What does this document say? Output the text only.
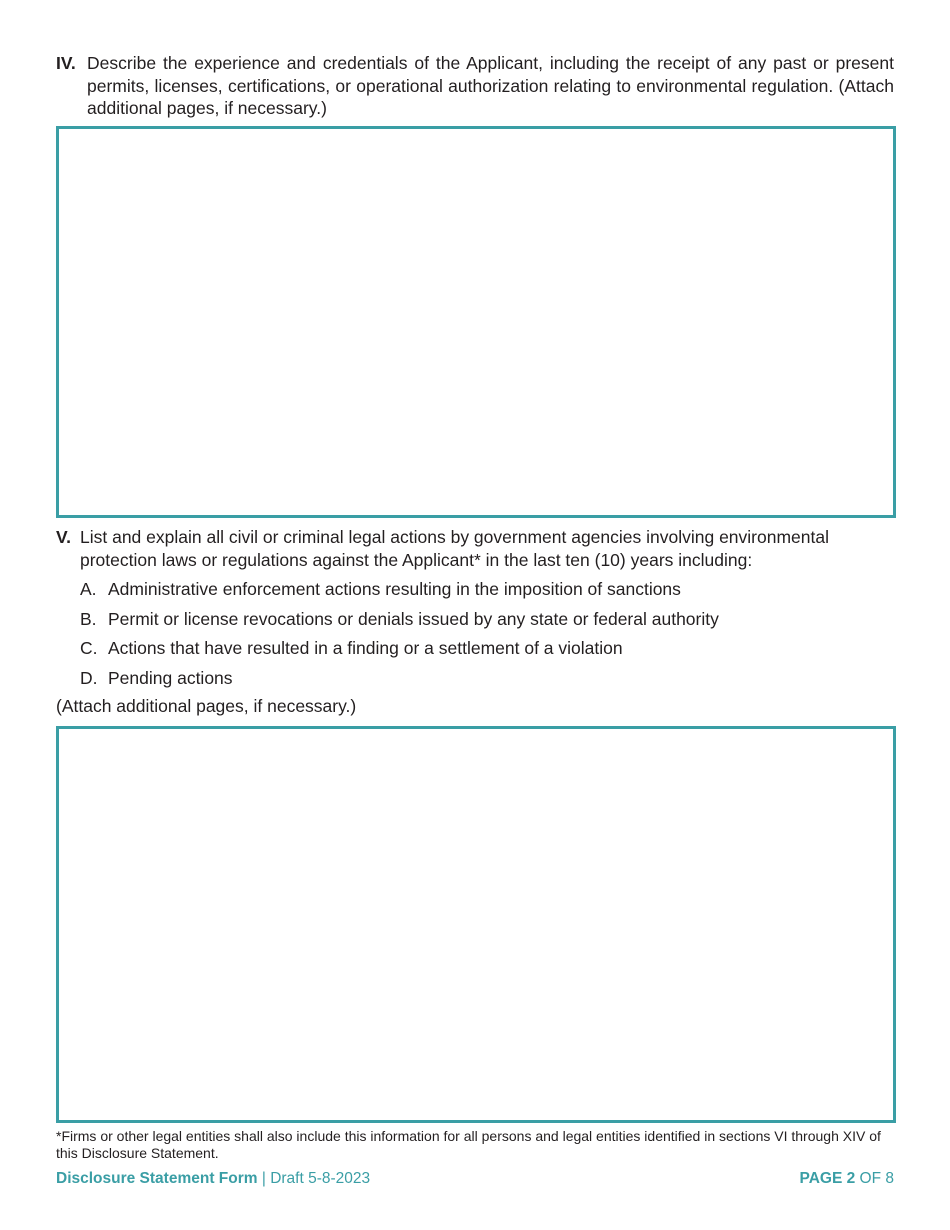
IV. Describe the experience and credentials of the Applicant, including the receipt of any past or present permits, licenses, certifications, or operational authorization relating to environmental regulation. (Attach additional pages, if necessary.)
V. List and explain all civil or criminal legal actions by government agencies involving environmental protection laws or regulations against the Applicant* in the last ten (10) years including:
A. Administrative enforcement actions resulting in the imposition of sanctions
B. Permit or license revocations or denials issued by any state or federal authority
C. Actions that have resulted in a finding or a settlement of a violation
D. Pending actions
(Attach additional pages, if necessary.)
*Firms or other legal entities shall also include this information for all persons and legal entities identified in sections VI through XIV of this Disclosure Statement.
Disclosure Statement Form | Draft 5-8-2023	PAGE 2 OF 8
